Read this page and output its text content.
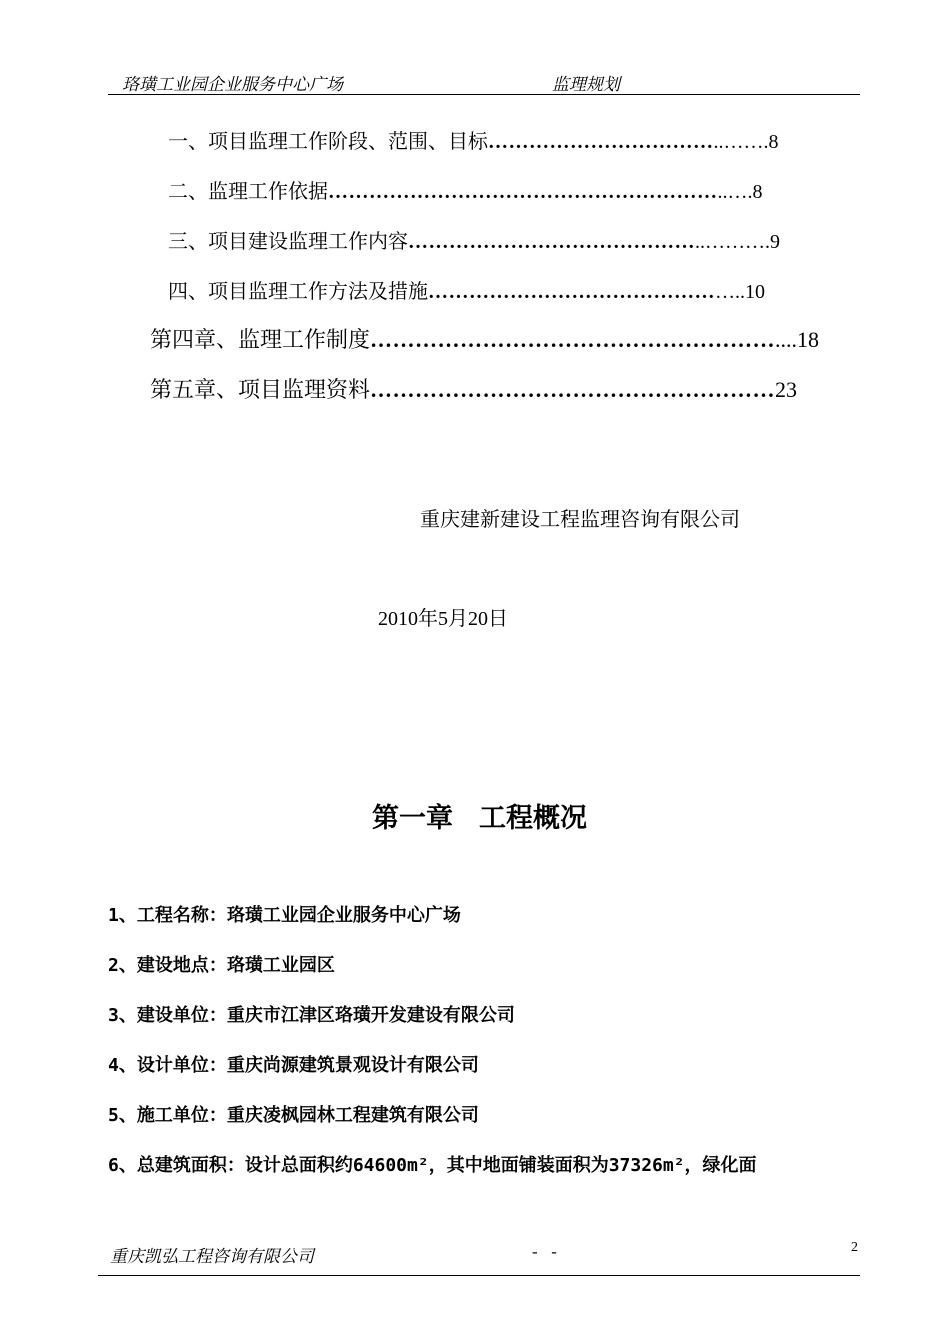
珞璜工业园企业服务中心广场	监理规划
一、项目监理工作阶段、范围、目标……………………………..…….8
二、监理工作依据…………………………………………………..….8
三、项目建设监理工作内容……………………………………..……….9
四、项目监理工作方法及措施………………………………………..10
第四章、监理工作制度………………………………………………....18
第五章、项目监理资料………………………………………………23
重庆建新建设工程监理咨询有限公司
2010年5月20日
第一章 工程概况
1、工程名称：珞璜工业园企业服务中心广场
2、建设地点：珞璜工业园区
3、建设单位：重庆市江津区珞璜开发建设有限公司
4、设计单位：重庆尚源建筑景观设计有限公司
5、施工单位：重庆凌枫园林工程建筑有限公司
6、总建筑面积：设计总面积约64600m²，其中地面铺装面积为37326m²，绿化面
重庆凯弘工程咨询有限公司	- -	2
